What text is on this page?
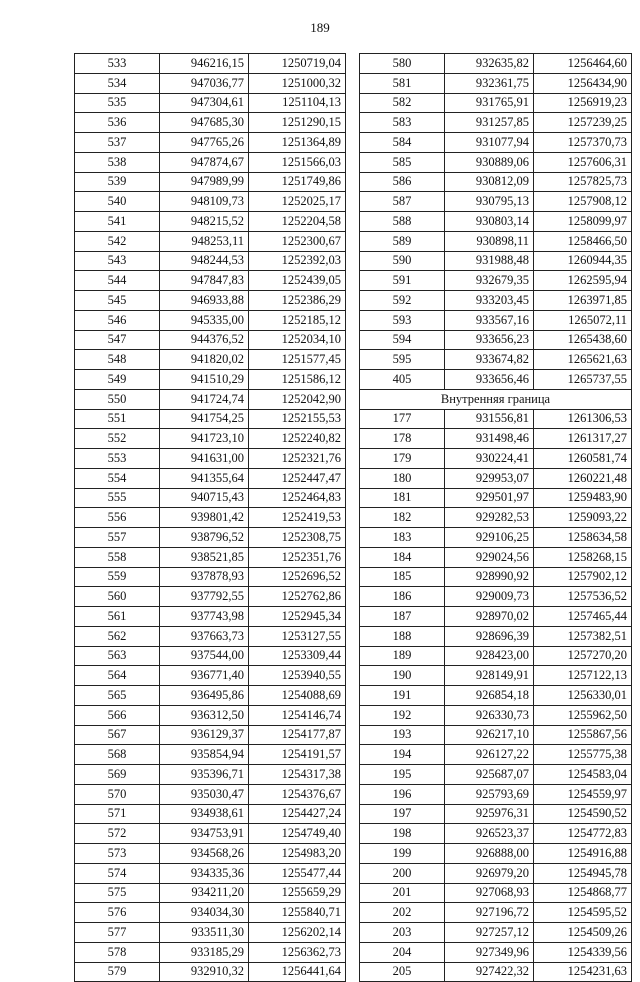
189
533	946216,15	1250719,04
534	947036,77	1251000,32
535	947304,61	1251104,13
536	947685,30	1251290,15
537	947765,26	1251364,89
538	947874,67	1251566,03
539	947989,99	1251749,86
540	948109,73	1252025,17
541	948215,52	1252204,58
542	948253,11	1252300,67
543	948244,53	1252392,03
544	947847,83	1252439,05
545	946933,88	1252386,29
546	945335,00	1252185,12
547	944376,52	1252034,10
548	941820,02	1251577,45
549	941510,29	1251586,12
550	941724,74	1252042,90
551	941754,25	1252155,53
552	941723,10	1252240,82
553	941631,00	1252321,76
554	941355,64	1252447,47
555	940715,43	1252464,83
556	939801,42	1252419,53
557	938796,52	1252308,75
558	938521,85	1252351,76
559	937878,93	1252696,52
560	937792,55	1252762,86
561	937743,98	1252945,34
562	937663,73	1253127,55
563	937544,00	1253309,44
564	936771,40	1253940,55
565	936495,86	1254088,69
566	936312,50	1254146,74
567	936129,37	1254177,87
568	935854,94	1254191,57
569	935396,71	1254317,38
570	935030,47	1254376,67
571	934938,61	1254427,24
572	934753,91	1254749,40
573	934568,26	1254983,20
574	934335,36	1255477,44
575	934211,20	1255659,29
576	934034,30	1255840,71
577	933511,30	1256202,14
578	933185,29	1256362,73
579	932910,32	1256441,64
580	932635,82	1256464,60
581	932361,75	1256434,90
582	931765,91	1256919,23
583	931257,85	1257239,25
584	931077,94	1257370,73
585	930889,06	1257606,31
586	930812,09	1257825,73
587	930795,13	1257908,12
588	930803,14	1258099,97
589	930898,11	1258466,50
590	931988,48	1260944,35
591	932679,35	1262595,94
592	933203,45	1263971,85
593	933567,16	1265072,11
594	933656,23	1265438,60
595	933674,82	1265621,63
405	933656,46	1265737,55
Внутренняя граница		
177	931556,81	1261306,53
178	931498,46	1261317,27
179	930224,41	1260581,74
180	929953,07	1260221,48
181	929501,97	1259483,90
182	929282,53	1259093,22
183	929106,25	1258634,58
184	929024,56	1258268,15
185	928990,92	1257902,12
186	929009,73	1257536,52
187	928970,02	1257465,44
188	928696,39	1257382,51
189	928423,00	1257270,20
190	928149,91	1257122,13
191	926854,18	1256330,01
192	926330,73	1255962,50
193	926217,10	1255867,56
194	926127,22	1255775,38
195	925687,07	1254583,04
196	925793,69	1254559,97
197	925976,31	1254590,52
198	926523,37	1254772,83
199	926888,00	1254916,88
200	926979,20	1254945,78
201	927068,93	1254868,77
202	927196,72	1254595,52
203	927257,12	1254509,26
204	927349,96	1254339,56
205	927422,32	1254231,63
